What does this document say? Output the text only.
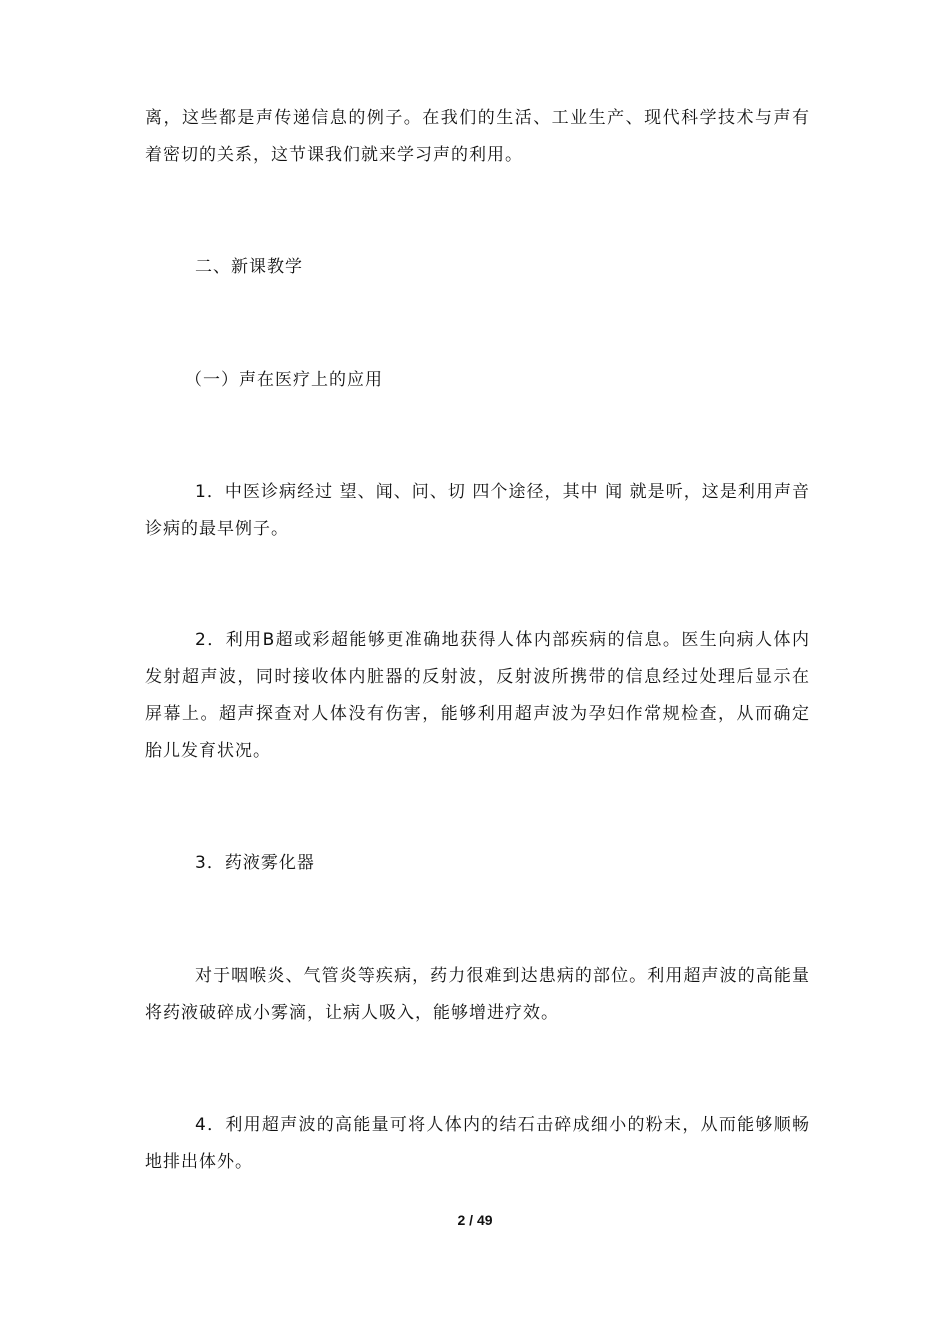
离，这些都是声传递信息的例子。在我们的生活、工业生产、现代科学技术与声有着密切的关系，这节课我们就来学习声的利用。

二、新课教学

（一）声在医疗上的应用

1．中医诊病经过 望、闻、问、切 四个途径，其中 闻 就是听，这是利用声音诊病的最早例子。

2．利用B超或彩超能够更准确地获得人体内部疾病的信息。医生向病人体内发射超声波，同时接收体内脏器的反射波，反射波所携带的信息经过处理后显示在屏幕上。超声探查对人体没有伤害，能够利用超声波为孕妇作常规检查，从而确定胎儿发育状况。

3．药液雾化器

对于咽喉炎、气管炎等疾病，药力很难到达患病的部位。利用超声波的高能量将药液破碎成小雾滴，让病人吸入，能够增进疗效。

4．利用超声波的高能量可将人体内的结石击碎成细小的粉末，从而能够顺畅地排出体外。

2 / 49
